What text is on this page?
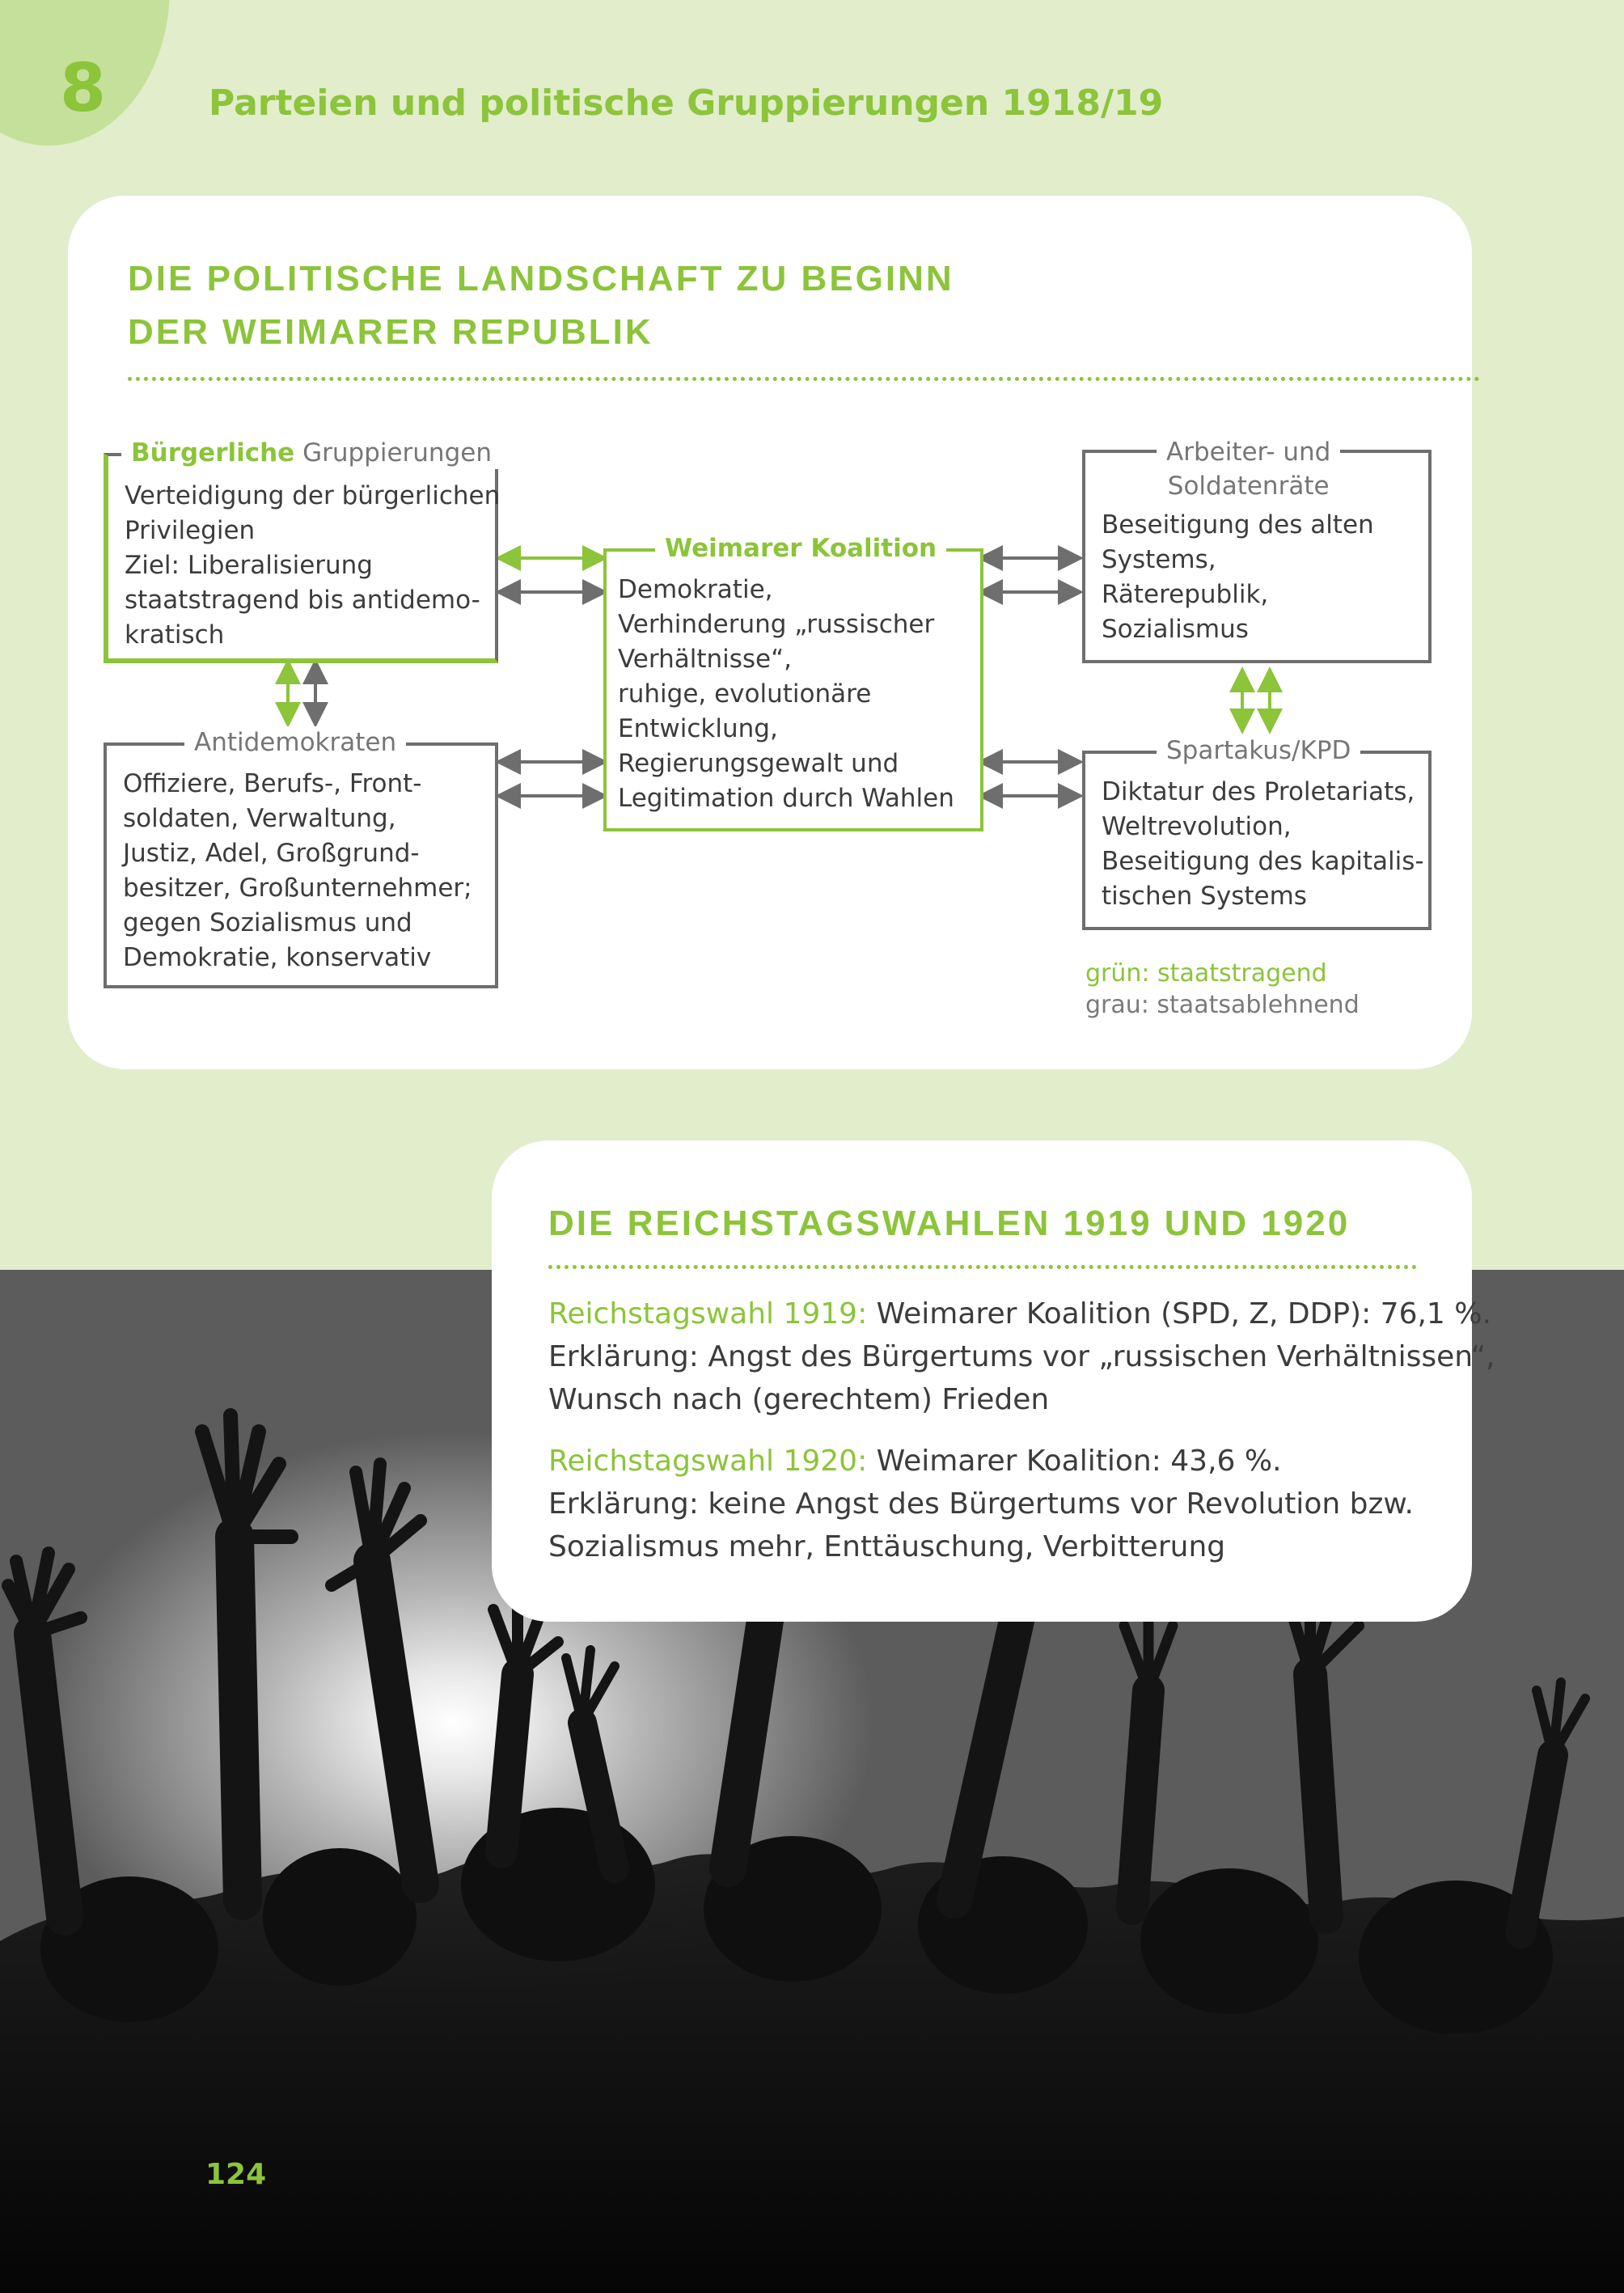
8	Parteien und politische Gruppierungen 1918/19
DIE POLITISCHE LANDSCHAFT ZU BEGINN
DER WEIMARER REPUBLIK
Bürgerliche Gruppierungen
Verteidigung der bürgerlichen
Privilegien
Ziel: Liberalisierung
staatstragend bis antidemo-
kratisch
Antidemokraten
Offiziere, Berufs-, Front-
soldaten, Verwaltung,
Justiz, Adel, Großgrund-
besitzer, Großunternehmer;
gegen Sozialismus und
Demokratie, konservativ
Weimarer Koalition
Demokratie,
Verhinderung „russischer
Verhältnisse“,
ruhige, evolutionäre
Entwicklung,
Regierungsgewalt und
Legitimation durch Wahlen
Arbeiter- und
Soldatenräte
Beseitigung des alten
Systems,
Räterepublik,
Sozialismus
Spartakus/KPD
Diktatur des Proletariats,
Weltrevolution,
Beseitigung des kapitalis-
tischen Systems
grün: staatstragend
grau: staatsablehnend
DIE REICHSTAGSWAHLEN 1919 UND 1920
Reichstagswahl 1919: Weimarer Koalition (SPD, Z, DDP): 76,1 %.
Erklärung: Angst des Bürgertums vor „russischen Verhältnissen“,
Wunsch nach (gerechtem) Frieden
Reichstagswahl 1920: Weimarer Koalition: 43,6 %.
Erklärung: keine Angst des Bürgertums vor Revolution bzw.
Sozialismus mehr, Enttäuschung, Verbitterung
124
